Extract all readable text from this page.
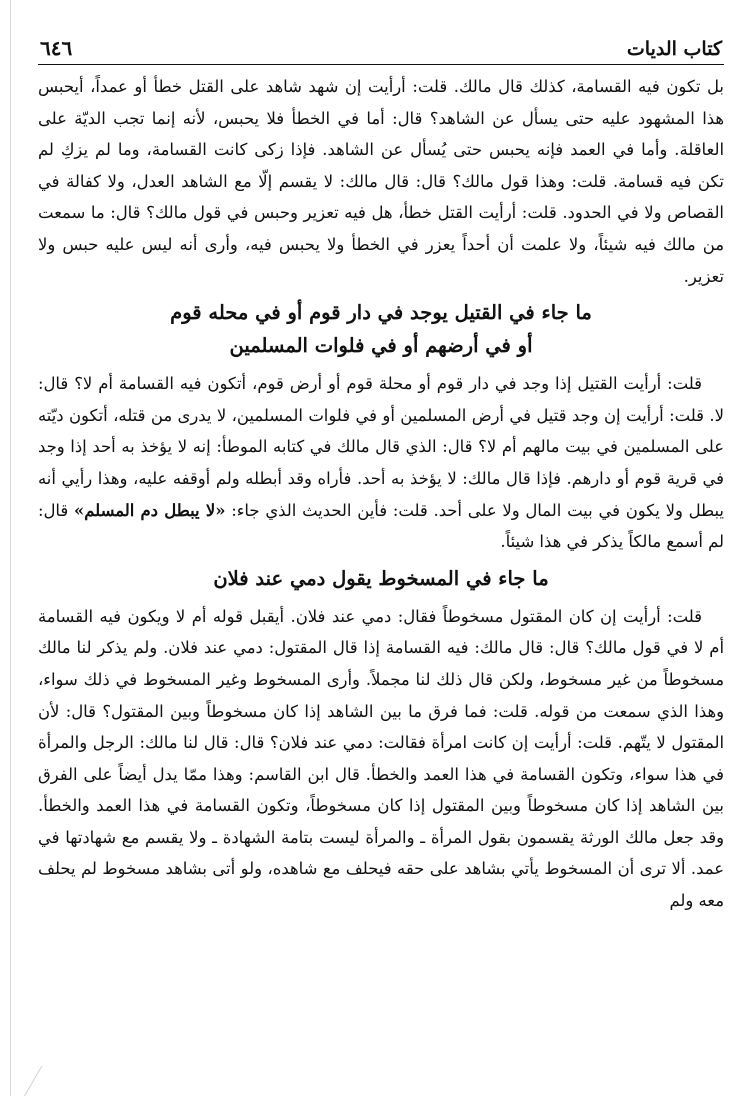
كتاب الديات
٦٤٦

بل تكون فيه القسامة، كذلك قال مالك. قلت: أرأيت إن شهد شاهد على القتل خطأ أو عمداً، أيحبس هذا المشهود عليه حتى يسأل عن الشاهد؟ قال: أما في الخطأ فلا يحبس، لأنه إنما تجب الديّة على العاقلة. وأما في العمد فإنه يحبس حتى يُسأل عن الشاهد. فإذا زكى كانت القسامة، وما لم يزكِ لم تكن فيه قسامة. قلت: وهذا قول مالك؟ قال: قال مالك: لا يقسم إلّا مع الشاهد العدل، ولا كفالة في القصاص ولا في الحدود. قلت: أرأيت القتل خطأ، هل فيه تعزير وحبس في قول مالك؟ قال: ما سمعت من مالك فيه شيئاً، ولا علمت أن أحداً يعزر في الخطأ ولا يحبس فيه، وأرى أنه ليس عليه حبس ولا تعزير.

ما جاء في القتيل يوجد في دار قوم أو في محله قوم
أو في أرضهم أو في فلوات المسلمين

قلت: أرأيت القتيل إذا وجد في دار قوم أو محلة قوم أو أرض قوم، أتكون فيه القسامة أم لا؟ قال: لا. قلت: أرأيت إن وجد قتيل في أرض المسلمين أو في فلوات المسلمين، لا يدرى من قتله، أتكون ديّته على المسلمين في بيت مالهم أم لا؟ قال: الذي قال مالك في كتابه الموطأ: إنه لا يؤخذ به أحد إذا وجد في قرية قوم أو دارهم. فإذا قال مالك: لا يؤخذ به أحد. فأراه وقد أبطله ولم أوقفه عليه، وهذا رأيي أنه يبطل ولا يكون في بيت المال ولا على أحد. قلت: فأين الحديث الذي جاء: «لا يبطل دم المسلم» قال: لم أسمع مالكاً يذكر في هذا شيئاً.

ما جاء في المسخوط يقول دمي عند فلان

قلت: أرأيت إن كان المقتول مسخوطاً فقال: دمي عند فلان. أيقبل قوله أم لا ويكون فيه القسامة أم لا في قول مالك؟ قال: قال مالك: فيه القسامة إذا قال المقتول: دمي عند فلان. ولم يذكر لنا مالك مسخوطاً من غير مسخوط، ولكن قال ذلك لنا مجملاً. وأرى المسخوط وغير المسخوط في ذلك سواء، وهذا الذي سمعت من قوله. قلت: فما فرق ما بين الشاهد إذا كان مسخوطاً وبين المقتول؟ قال: لأن المقتول لا يتّهم. قلت: أرأيت إن كانت امرأة فقالت: دمي عند فلان؟ قال: قال لنا مالك: الرجل والمرأة في هذا سواء، وتكون القسامة في هذا العمد والخطأ. قال ابن القاسم: وهذا ممّا يدل أيضاً على الفرق بين الشاهد إذا كان مسخوطاً وبين المقتول إذا كان مسخوطاً، وتكون القسامة في هذا العمد والخطأ. وقد جعل مالك الورثة يقسمون بقول المرأة ـ والمرأة ليست بتامة الشهادة ـ ولا يقسم مع شهادتها في عمد. ألا ترى أن المسخوط يأتي بشاهد على حقه فيحلف مع شاهده، ولو أتى بشاهد مسخوط لم يحلف معه ولم
